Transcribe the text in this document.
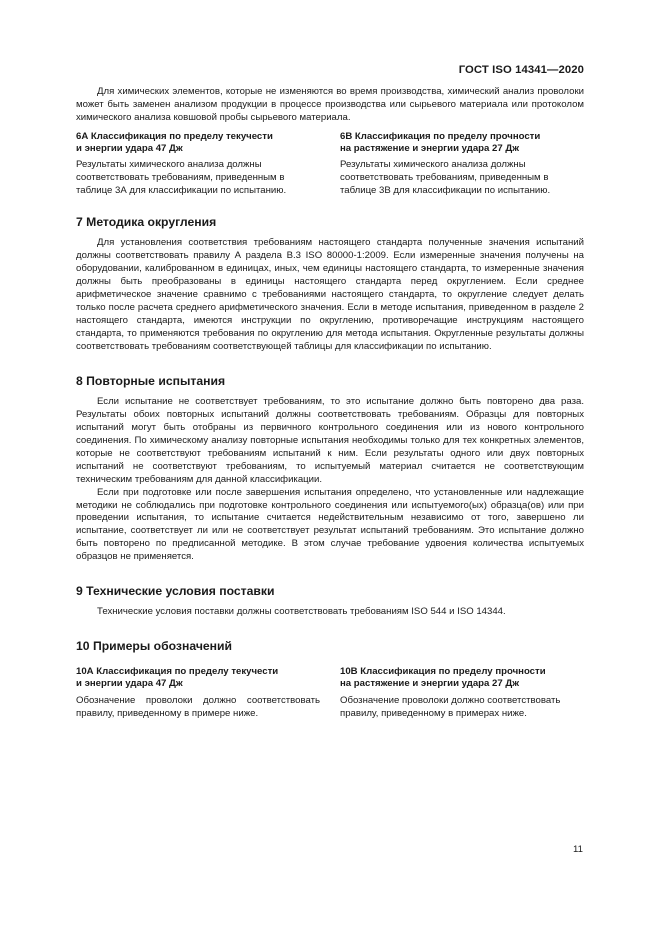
ГОСТ ISO 14341—2020

Для химических элементов, которые не изменяются во время производства, химический анализ проволоки может быть заменен анализом продукции в процессе производства или сырьевого материала или протоколом химического анализа ковшовой пробы сырьевого материала.

6А Классификация по пределу текучести
и энергии удара 47 Дж

Результаты химического анализа должны соответствовать требованиям, приведенным в таблице 3А для классификации по испытанию.

6В Классификация по пределу прочности
на растяжение и энергии удара 27 Дж

Результаты химического анализа должны соответствовать требованиям, приведенным в таблице 3В для классификации по испытанию.

7 Методика округления

Для установления соответствия требованиям настоящего стандарта полученные значения испытаний должны соответствовать правилу А раздела В.3 ISO 80000-1:2009. Если измеренные значения получены на оборудовании, калиброванном в единицах, иных, чем единицы настоящего стандарта, то измеренные значения должны быть преобразованы в единицы настоящего стандарта перед округлением. Если среднее арифметическое значение сравнимо с требованиями настоящего стандарта, то округление следует делать только после расчета среднего арифметического значения. Если в методе испытания, приведенном в разделе 2 настоящего стандарта, имеются инструкции по округлению, противоречащие инструкциям настоящего стандарта, то применяются требования по округлению для метода испытания. Округленные результаты должны соответствовать требованиям соответствующей таблицы для классификации по испытанию.

8 Повторные испытания

Если испытание не соответствует требованиям, то это испытание должно быть повторено два раза. Результаты обоих повторных испытаний должны соответствовать требованиям. Образцы для повторных испытаний могут быть отобраны из первичного контрольного соединения или из нового контрольного соединения. По химическому анализу повторные испытания необходимы только для тех конкретных элементов, которые не соответствуют требованиям испытаний к ним. Если результаты одного или двух повторных испытаний не соответствуют требованиям, то испытуемый материал считается не соответствующим техническим требованиям для данной классификации.

Если при подготовке или после завершения испытания определено, что установленные или надлежащие методики не соблюдались при подготовке контрольного соединения или испытуемого(ых) образца(ов) или при проведении испытания, то испытание считается недействительным независимо от того, завершено ли испытание, соответствует ли или не соответствует результат испытаний требованиям. Это испытание должно быть повторено по предписанной методике. В этом случае требование удвоения количества испытуемых образцов не применяется.

9 Технические условия поставки

Технические условия поставки должны соответствовать требованиям ISO 544 и ISO 14344.

10 Примеры обозначений
10А Классификация по пределу текучести
и энергии удара 47 Дж

Обозначение проволоки должно соответствовать правилу, приведенному в примере ниже.

10В Классификация по пределу прочности
на растяжение и энергии удара 27 Дж

Обозначение проволоки должно соответствовать правилу, приведенному в примерах ниже.

11
